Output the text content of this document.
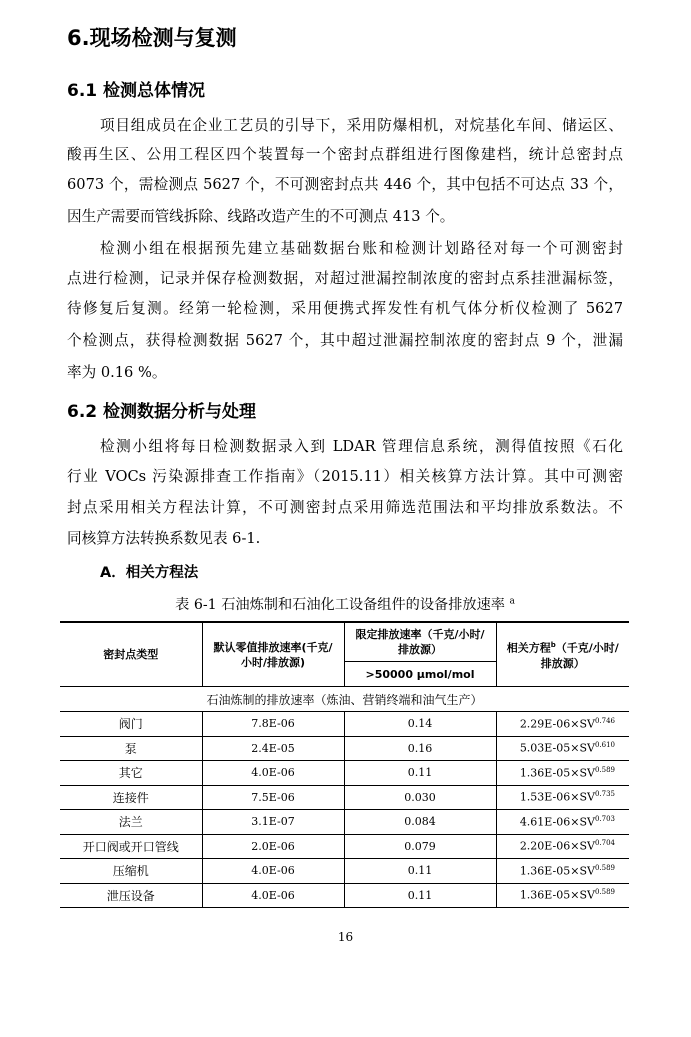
6.现场检测与复测
6.1 检测总体情况
项目组成员在企业工艺员的引导下，采用防爆相机，对烷基化车间、储运区、
酸再生区、公用工程区四个装置每一个密封点群组进行图像建档，统计总密封点
6073 个，需检测点 5627 个，不可测密封点共 446 个，其中包括不可达点 33 个，
因生产需要而管线拆除、线路改造产生的不可测点 413 个。
检测小组在根据预先建立基础数据台账和检测计划路径对每一个可测密封
点进行检测，记录并保存检测数据，对超过泄漏控制浓度的密封点系挂泄漏标签，
待修复后复测。经第一轮检测，采用便携式挥发性有机气体分析仪检测了 5627
个检测点，获得检测数据 5627 个，其中超过泄漏控制浓度的密封点 9 个，泄漏
率为 0.16 %。
6.2 检测数据分析与处理
检测小组将每日检测数据录入到 LDAR 管理信息系统，测得值按照《石化
行业 VOCs 污染源排查工作指南》（2015.11）相关核算方法计算。其中可测密
封点采用相关方程法计算，不可测密封点采用筛选范围法和平均排放系数法。不
同核算方法转换系数见表 6-1.
A．相关方程法
表 6-1 石油炼制和石油化工设备组件的设备排放速率 $^a$
密封点类型	默认零值排放速率(千克/小时/排放源)	限定排放速率（千克/小时/排放源）	相关方程$^b$（千克/小时/排放源）
		>50000 μmol/mol	
石油炼制的排放速率（炼油、营销终端和油气生产）			
阀门	7.8E-06	0.14	$2.29E-06\times SV^{0.746}$
泵	2.4E-05	0.16	$5.03E-05\times SV^{0.610}$
其它	4.0E-06	0.11	$1.36E-05\times SV^{0.589}$
连接件	7.5E-06	0.030	$1.53E-06\times SV^{0.735}$
法兰	3.1E-07	0.084	$4.61E-06\times SV^{0.703}$
开口阀或开口管线	2.0E-06	0.079	$2.20E-06\times SV^{0.704}$
压缩机	4.0E-06	0.11	$1.36E-05\times SV^{0.589}$
泄压设备	4.0E-06	0.11	$1.36E-05\times SV^{0.589}$
16
